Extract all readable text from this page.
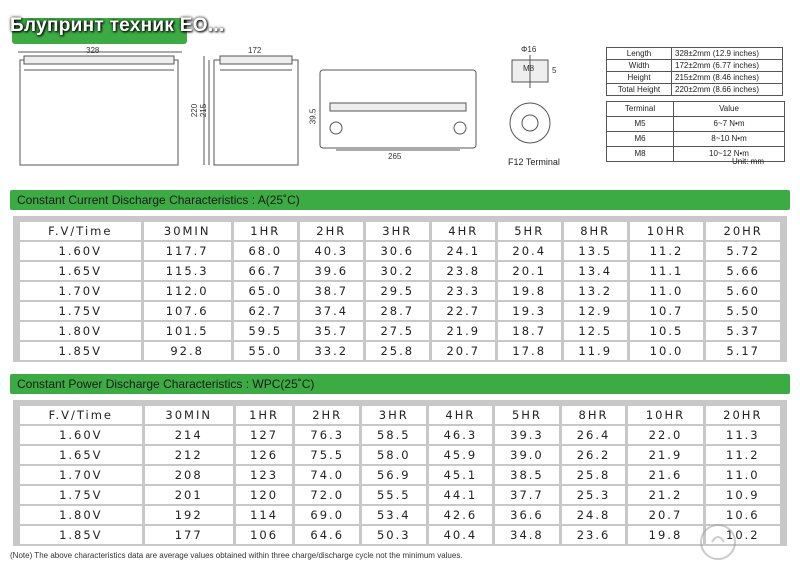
Блупринт техник ЕО...
328
220 215
172
265
39.5
Φ16
M8 5
F12 Terminal
Length	328±2mm (12.9 inches)
Width	172±2mm (6.77 inches)
Height	215±2mm (8.46 inches)
Total Height	220±2mm (8.66 inches)
Terminal	Value
M5	6~7 N•m
M6	8~10 N•m
M8	10~12 N•m
Unit: mm
Constant Current Discharge Characteristics : A(25˚C)
F.V/Time	30MIN	1HR	2HR	3HR	4HR	5HR	8HR	10HR	20HR
1.60V	117.7	68.0	40.3	30.6	24.1	20.4	13.5	11.2	5.72
1.65V	115.3	66.7	39.6	30.2	23.8	20.1	13.4	11.1	5.66
1.70V	112.0	65.0	38.7	29.5	23.3	19.8	13.2	11.0	5.60
1.75V	107.6	62.7	37.4	28.7	22.7	19.3	12.9	10.7	5.50
1.80V	101.5	59.5	35.7	27.5	21.9	18.7	12.5	10.5	5.37
1.85V	92.8	55.0	33.2	25.8	20.7	17.8	11.9	10.0	5.17
Constant Power Discharge Characteristics : WPC(25˚C)
F.V/Time	30MIN	1HR	2HR	3HR	4HR	5HR	8HR	10HR	20HR
1.60V	214	127	76.3	58.5	46.3	39.3	26.4	22.0	11.3
1.65V	212	126	75.5	58.0	45.9	39.0	26.2	21.9	11.2
1.70V	208	123	74.0	56.9	45.1	38.5	25.8	21.6	11.0
1.75V	201	120	72.0	55.5	44.1	37.7	25.3	21.2	10.9
1.80V	192	114	69.0	53.4	42.6	36.6	24.8	20.7	10.6
1.85V	177	106	64.6	50.3	40.4	34.8	23.6	19.8	10.2
(Note) The above characteristics data are average values obtained within three charge/discharge cycle not the minimum values.
